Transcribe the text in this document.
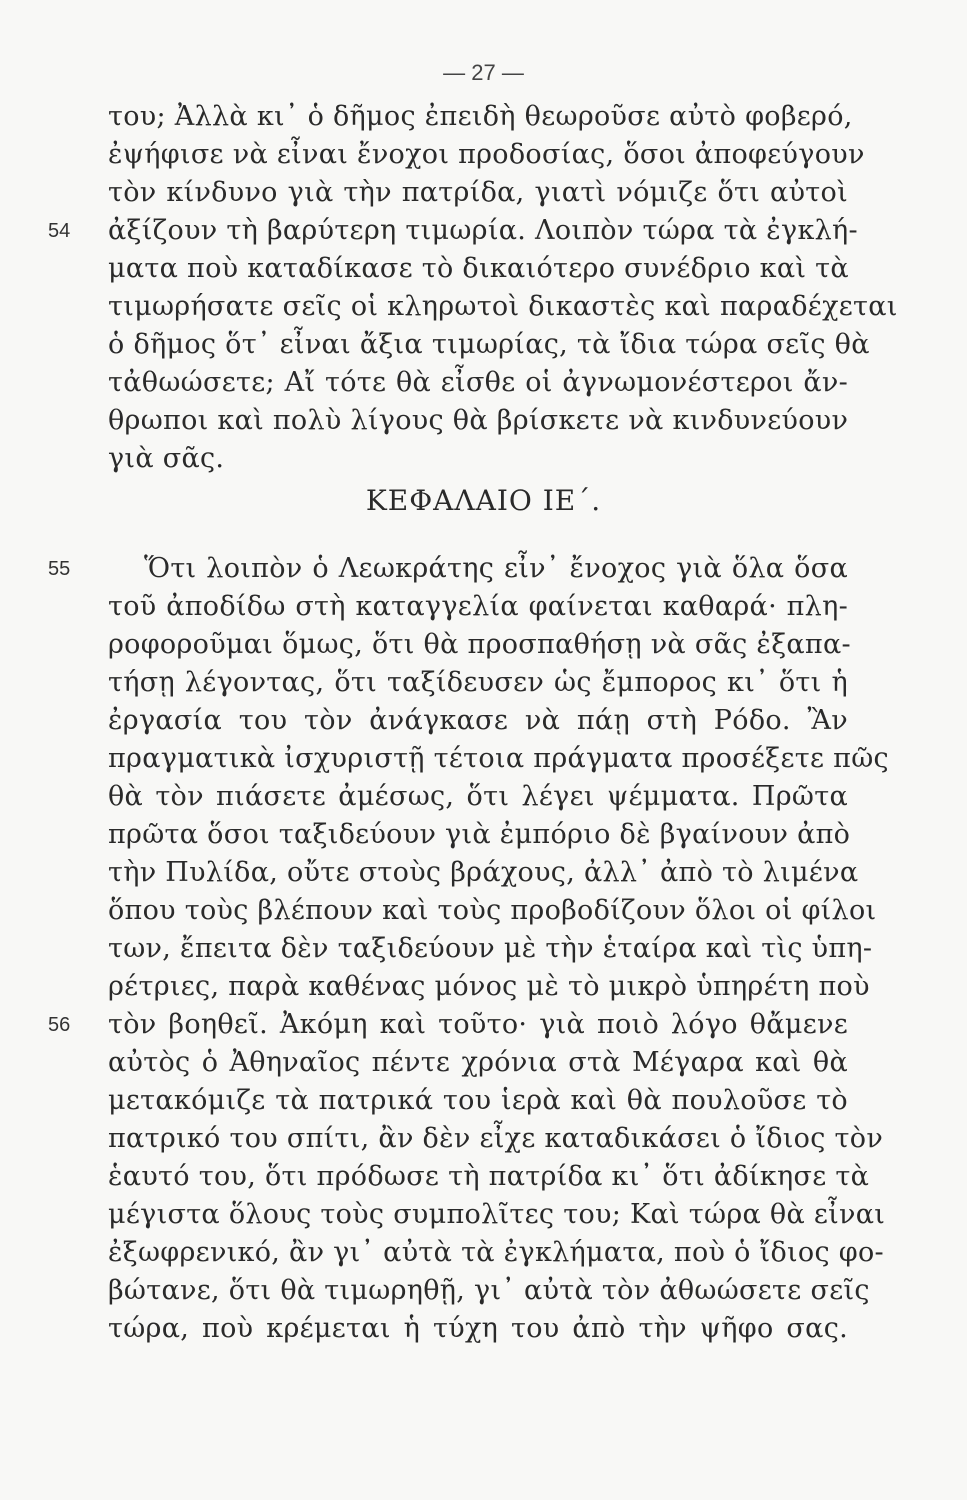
— 27 —
του; Ἀλλὰ κι᾽ ὁ δῆμος ἐπειδὴ θεωροῦσε αὐτὸ φοβερό,
ἐψήφισε νὰ εἶναι ἔνοχοι προδοσίας, ὅσοι ἀποφεύγουν
τὸν κίνδυνο γιὰ τὴν πατρίδα, γιατὶ νόμιζε ὅτι αὐτοὶ
54	ἀξίζουν τὴ βαρύτερη τιμωρία. Λοιπὸν τώρα τὰ ἐγκλή-
ματα ποὺ καταδίκασε τὸ δικαιότερο συνέδριο καὶ τὰ
τιμωρήσατε σεῖς οἱ κληρωτοὶ δικαστὲς καὶ παραδέχεται
ὁ δῆμος ὅτ᾽ εἶναι ἄξια τιμωρίας, τὰ ἴδια τώρα σεῖς θὰ
τἀθωώσετε; Αἴ τότε θὰ εἶσθε οἱ ἀγνωμονέστεροι ἄν-
θρωποι καὶ πολὺ λίγους θὰ βρίσκετε νὰ κινδυνεύουν
γιὰ σᾶς.
ΚΕΦΑΛΑΙΟ ΙΕ΄.
55	Ὅτι λοιπὸν ὁ Λεωκράτης εἶν᾽ ἔνοχος γιὰ ὅλα ὅσα
τοῦ ἀποδίδω στὴ καταγγελία φαίνεται καθαρά· πλη-
ροφοροῦμαι ὅμως, ὅτι θὰ προσπαθήσῃ νὰ σᾶς ἐξαπα-
τήσῃ λέγοντας, ὅτι ταξίδευσεν ὡς ἔμπορος κι᾽ ὅτι ἡ
ἐργασία του τὸν ἀνάγκασε νὰ πάῃ στὴ Ρόδο. Ἂν
πραγματικὰ ἰσχυριστῇ τέτοια πράγματα προσέξετε πῶς
θὰ τὸν πιάσετε ἀμέσως, ὅτι λέγει ψέμματα. Πρῶτα
πρῶτα ὅσοι ταξιδεύουν γιὰ ἐμπόριο δὲ βγαίνουν ἀπὸ
τὴν Πυλίδα, οὔτε στοὺς βράχους, ἀλλ᾽ ἀπὸ τὸ λιμένα
ὅπου τοὺς βλέπουν καὶ τοὺς προβοδίζουν ὅλοι οἱ φίλοι
των, ἔπειτα δὲν ταξιδεύουν μὲ τὴν ἑταίρα καὶ τὶς ὑπη-
ρέτριες, παρὰ καθένας μόνος μὲ τὸ μικρὸ ὑπηρέτη ποὺ
56	τὸν βοηθεῖ. Ἀκόμη καὶ τοῦτο· γιὰ ποιὸ λόγο θἄμενε
αὐτὸς ὁ Ἀθηναῖος πέντε χρόνια στὰ Μέγαρα καὶ θὰ
μετακόμιζε τὰ πατρικά του ἱερὰ καὶ θὰ πουλοῦσε τὸ
πατρικό του σπίτι, ἂν δὲν εἶχε καταδικάσει ὁ ἴδιος τὸν
ἑαυτό του, ὅτι πρόδωσε τὴ πατρίδα κι᾽ ὅτι ἀδίκησε τὰ
μέγιστα ὅλους τοὺς συμπολῖτες του; Καὶ τώρα θὰ εἶναι
ἐξωφρενικό, ἂν γι᾽ αὐτὰ τὰ ἐγκλήματα, ποὺ ὁ ἴδιος φο-
βώτανε, ὅτι θὰ τιμωρηθῇ, γι᾽ αὐτὰ τὸν ἀθωώσετε σεῖς
τώρα, ποὺ κρέμεται ἡ τύχη του ἀπὸ τὴν ψῆφο σας.
